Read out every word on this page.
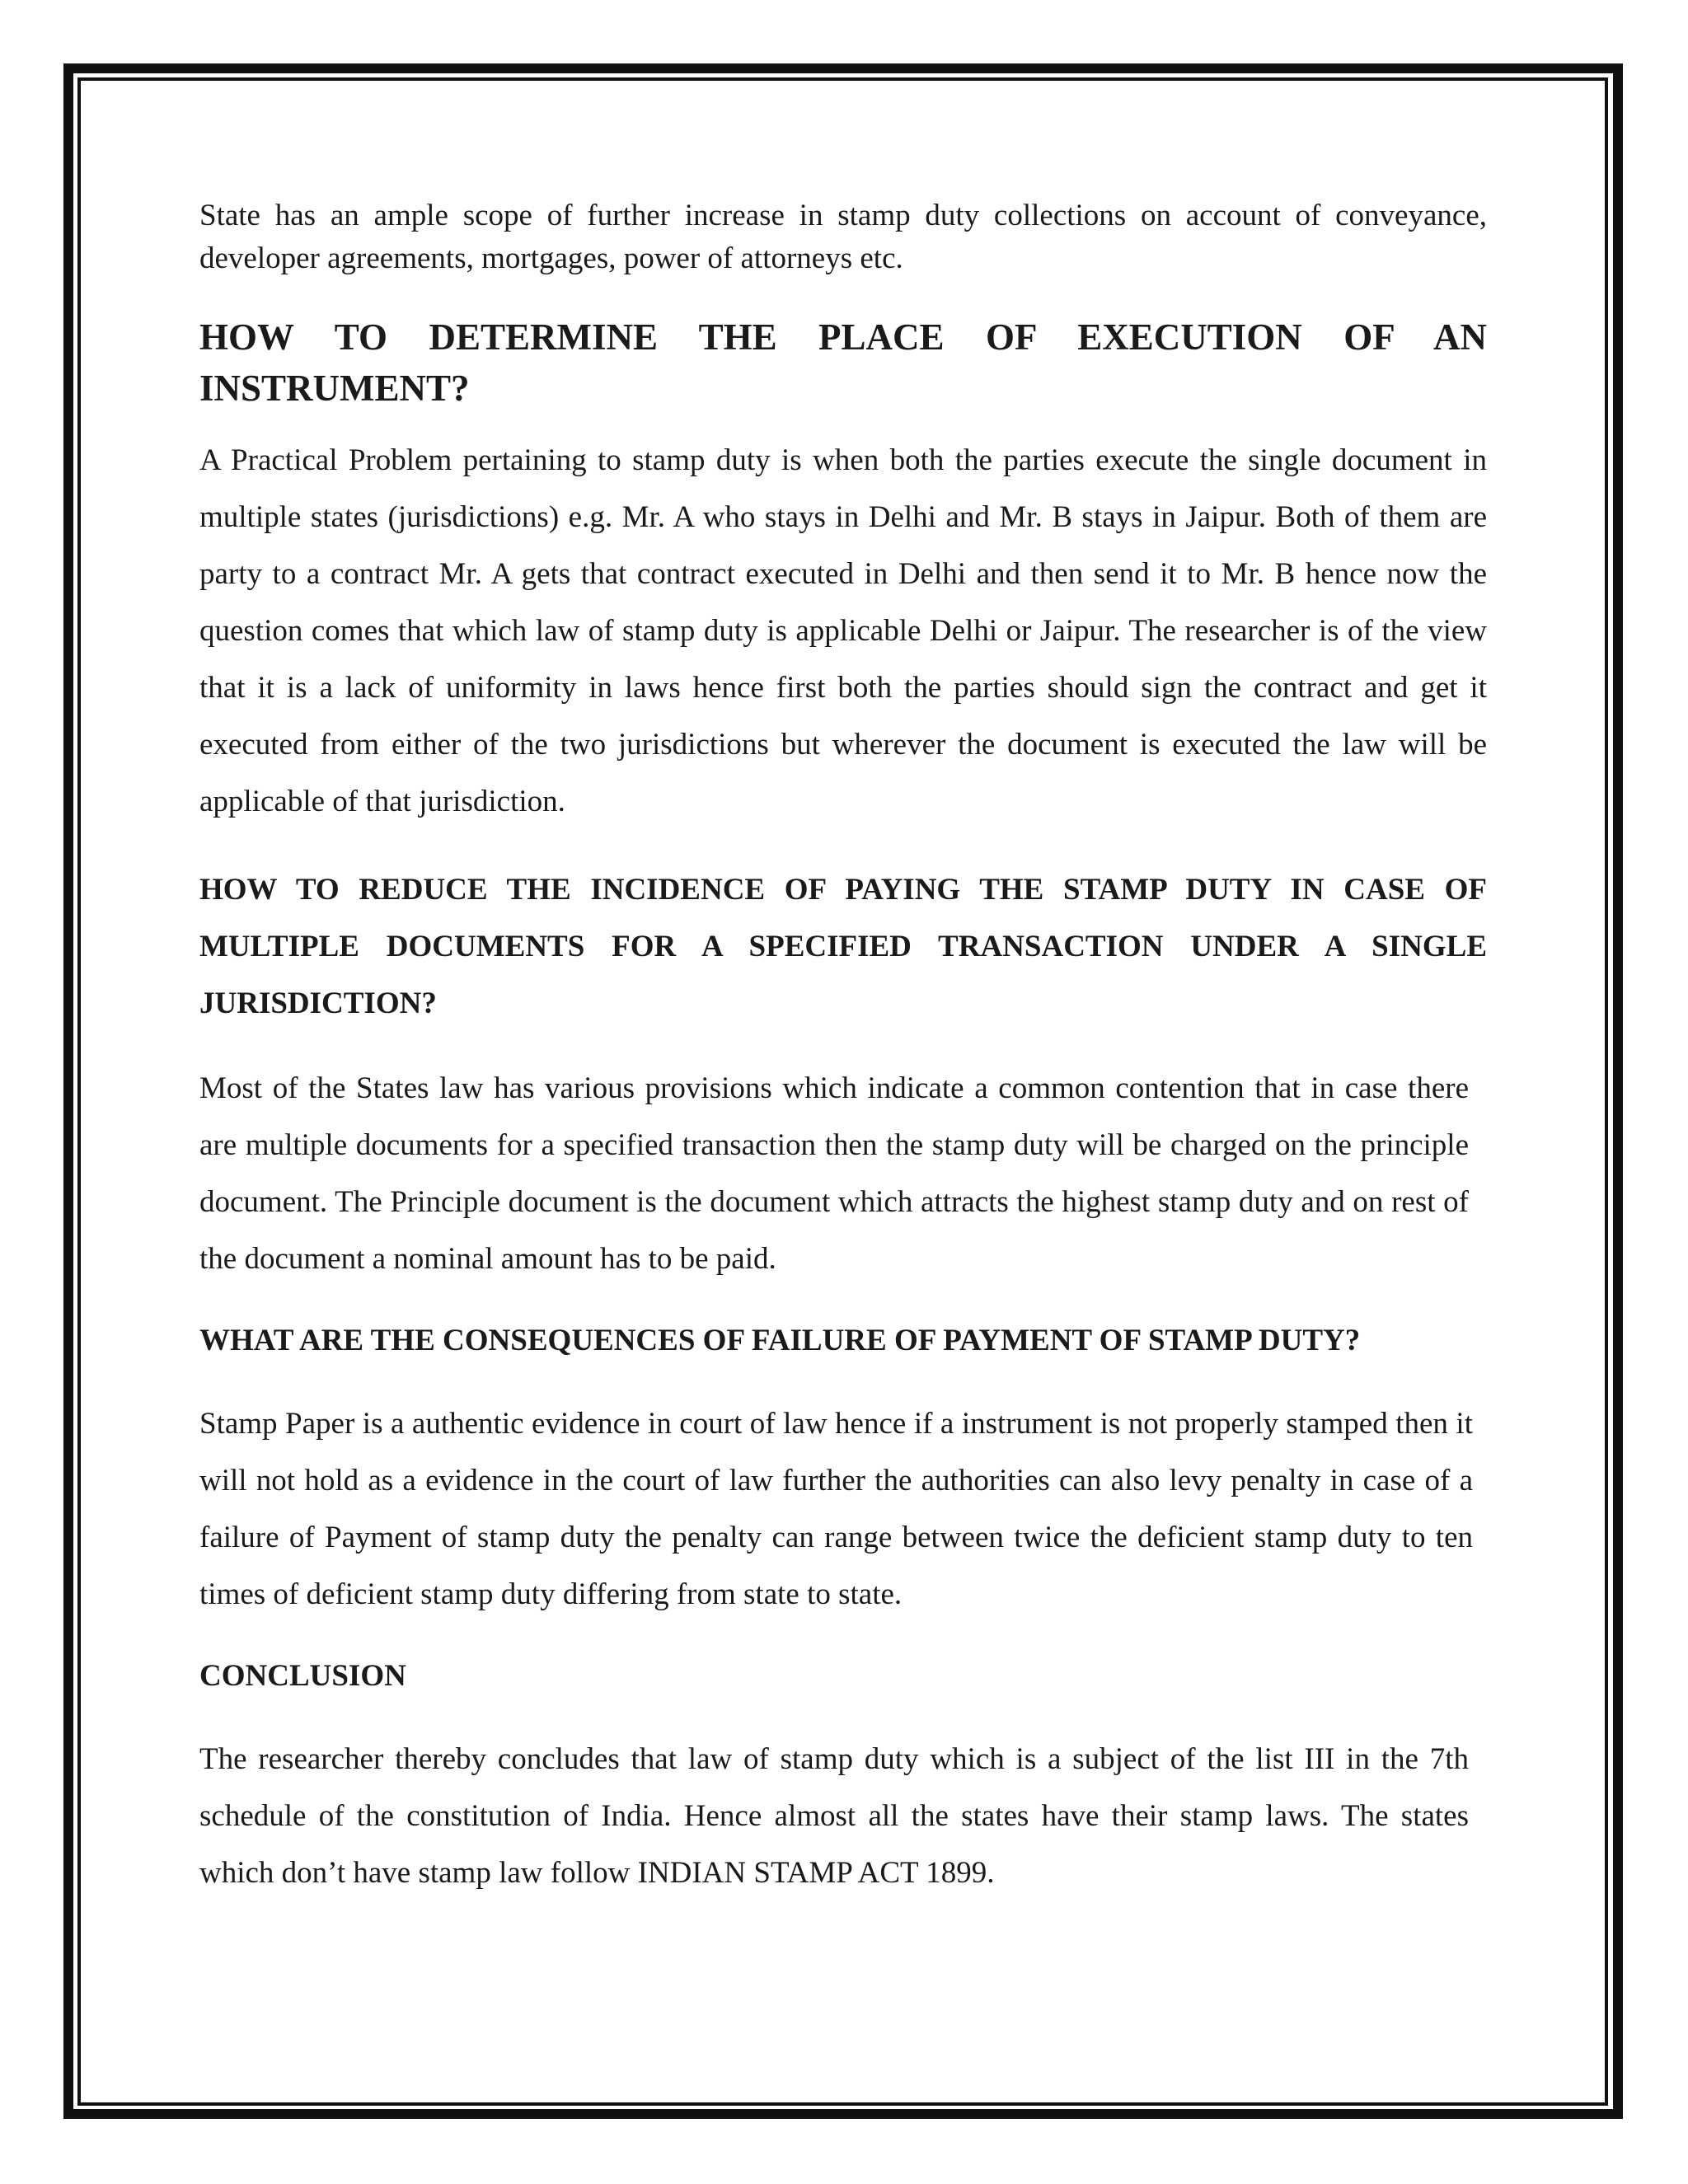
State has an ample scope of further increase in stamp duty collections on account of conveyance, developer agreements, mortgages, power of attorneys etc.

HOW TO DETERMINE THE PLACE OF EXECUTION OF AN INSTRUMENT?

A Practical Problem pertaining to stamp duty is when both the parties execute the single document in multiple states (jurisdictions) e.g. Mr. A who stays in Delhi and Mr. B stays in Jaipur. Both of them are party to a contract Mr. A gets that contract executed in Delhi and then send it to Mr. B hence now the question comes that which law of stamp duty is applicable Delhi or Jaipur. The researcher is of the view that it is a lack of uniformity in laws hence first both the parties should sign the contract and get it executed from either of the two jurisdictions but wherever the document is executed the law will be applicable of that jurisdiction.

HOW TO REDUCE THE INCIDENCE OF PAYING THE STAMP DUTY IN CASE OF MULTIPLE DOCUMENTS FOR A SPECIFIED TRANSACTION UNDER A SINGLE JURISDICTION?

Most of the States law has various provisions which indicate a common contention that in case there are multiple documents for a specified transaction then the stamp duty will be charged on the principle document. The Principle document is the document which attracts the highest stamp duty and on rest of the document a nominal amount has to be paid.

WHAT ARE THE CONSEQUENCES OF FAILURE OF PAYMENT OF STAMP DUTY?

Stamp Paper is a authentic evidence in court of law hence if a instrument is not properly stamped then it will not hold as a evidence in the court of law further the authorities can also levy penalty in case of a failure of Payment of stamp duty the penalty can range between twice the deficient stamp duty to ten times of deficient stamp duty differing from state to state.

CONCLUSION

The researcher thereby concludes that law of stamp duty which is a subject of the list III in the 7th schedule of the constitution of India. Hence almost all the states have their stamp laws. The states which don’t have stamp law follow INDIAN STAMP ACT 1899.
